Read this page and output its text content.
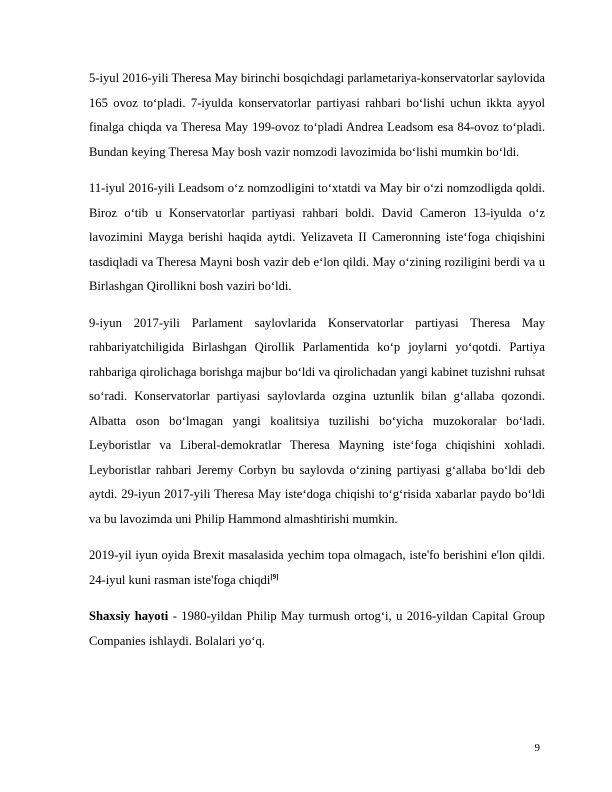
5-iyul 2016-yili Theresa May birinchi bosqichdagi parlametariya-konservatorlar saylovida 165 ovoz toʻpladi. 7-iyulda konservatorlar partiyasi rahbari boʻlishi uchun ikkta ayyol finalga chiqda va Theresa May 199-ovoz toʻpladi Andrea Leadsom esa 84-ovoz toʻpladi. Bundan keying Theresa May bosh vazir nomzodi lavozimida boʻlishi mumkin boʻldi.

11-iyul 2016-yili Leadsom oʻz nomzodligini toʻxtatdi va May bir oʻzi nomzodligda qoldi. Biroz oʻtib u Konservatorlar partiyasi rahbari boldi. David Cameron 13-iyulda oʻz lavozimini Mayga berishi haqida aytdi. Yelizaveta II Cameronning isteʻfoga chiqishini tasdiqladi va Theresa Mayni bosh vazir deb eʻlon qildi. May oʻzining roziligini berdi va u Birlashgan Qirollikni bosh vaziri boʻldi.

9-iyun 2017-yili Parlament saylovlarida Konservatorlar partiyasi Theresa May rahbariyatchiligida Birlashgan Qirollik Parlamentida koʻp joylarni yoʻqotdi. Partiya rahbariga qirolichaga borishga majbur boʻldi va qirolichadan yangi kabinet tuzishni ruhsat soʻradi. Konservatorlar partiyasi saylovlarda ozgina uztunlik bilan gʻallaba qozondi. Albatta oson boʻlmagan yangi koalitsiya tuzilishi boʻyicha muzokoralar boʻladi. Leyboristlar va Liberal-demokratlar Theresa Mayning isteʻfoga chiqishini xohladi. Leyboristlar rahbari Jeremy Corbyn bu saylovda oʻzining partiyasi gʻallaba boʻldi deb aytdi. 29-iyun 2017-yili Theresa May isteʻdoga chiqishi toʻgʻrisida xabarlar paydo boʻldi va bu lavozimda uni Philip Hammond almashtirishi mumkin.

2019-yil iyun oyida Brexit masalasida yechim topa olmagach, iste'fo berishini e'lon qildi. 24-iyul kuni rasman iste'foga chiqdi[9]

Shaxsiy hayoti - 1980-yildan Philip May turmush ortogʻi, u 2016-yildan Capital Group Companies ishlaydi. Bolalari yoʻq.

9
